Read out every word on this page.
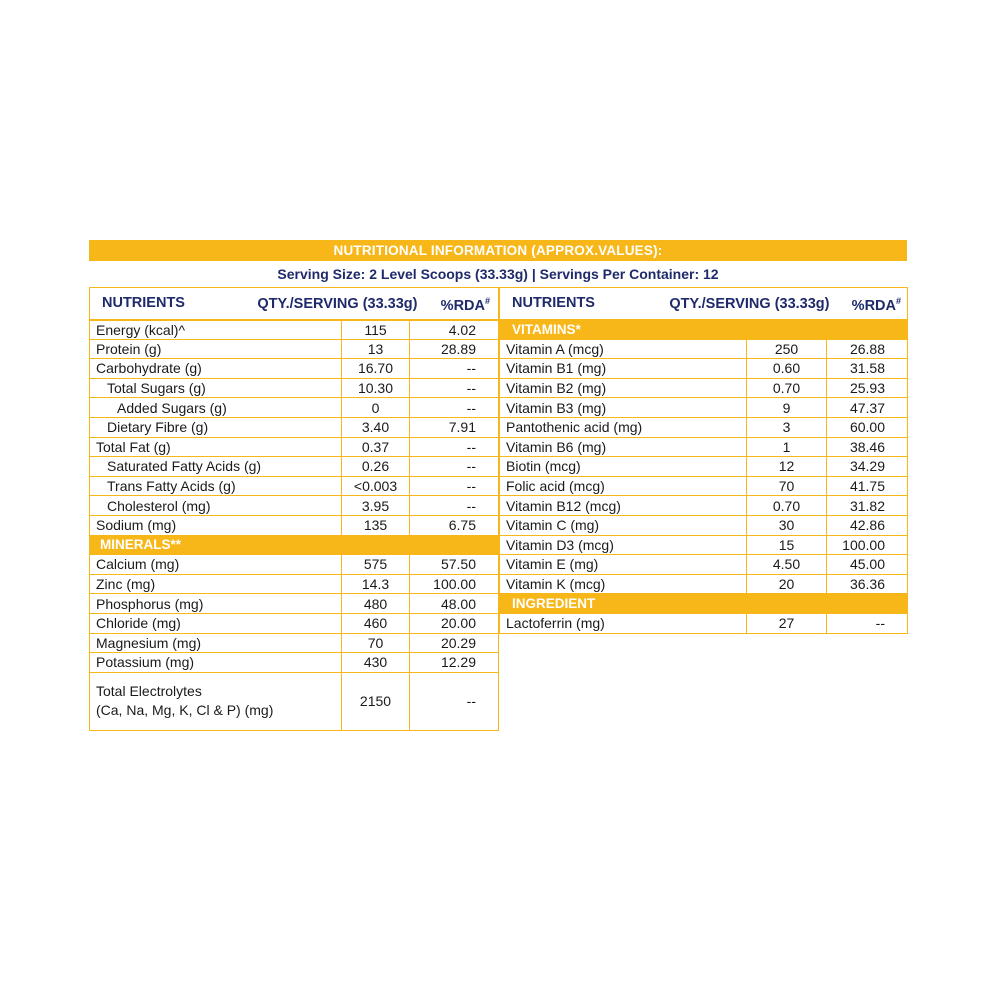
NUTRITIONAL INFORMATION (APPROX.VALUES):
Serving Size: 2 Level Scoops (33.33g) | Servings Per Container: 12
NUTRIENTS	QTY./SERVING (33.33g)	%RDA#
Energy (kcal)^	115	4.02
Protein (g)	13	28.89
Carbohydrate (g)	16.70	--
Total Sugars (g)	10.30	--
Added Sugars (g)	0	--
Dietary Fibre (g)	3.40	7.91
Total Fat (g)	0.37	--
Saturated Fatty Acids (g)	0.26	--
Trans Fatty Acids (g)	<0.003	--
Cholesterol (mg)	3.95	--
Sodium (mg)	135	6.75
MINERALS**		
Calcium (mg)	575	57.50
Zinc (mg)	14.3	100.00
Phosphorus (mg)	480	48.00
Chloride (mg)	460	20.00
Magnesium (mg)	70	20.29
Potassium (mg)	430	12.29
Total Electrolytes
(Ca, Na, Mg, K, Cl & P) (mg)	2150	--
NUTRIENTS	QTY./SERVING (33.33g)	%RDA#
VITAMINS*		
Vitamin A (mcg)	250	26.88
Vitamin B1 (mg)	0.60	31.58
Vitamin B2 (mg)	0.70	25.93
Vitamin B3 (mg)	9	47.37
Pantothenic acid (mg)	3	60.00
Vitamin B6 (mg)	1	38.46
Biotin (mcg)	12	34.29
Folic acid (mcg)	70	41.75
Vitamin B12 (mcg)	0.70	31.82
Vitamin C (mg)	30	42.86
Vitamin D3 (mcg)	15	100.00
Vitamin E (mg)	4.50	45.00
Vitamin K (mcg)	20	36.36
INGREDIENT		
Lactoferrin (mg)	27	--
